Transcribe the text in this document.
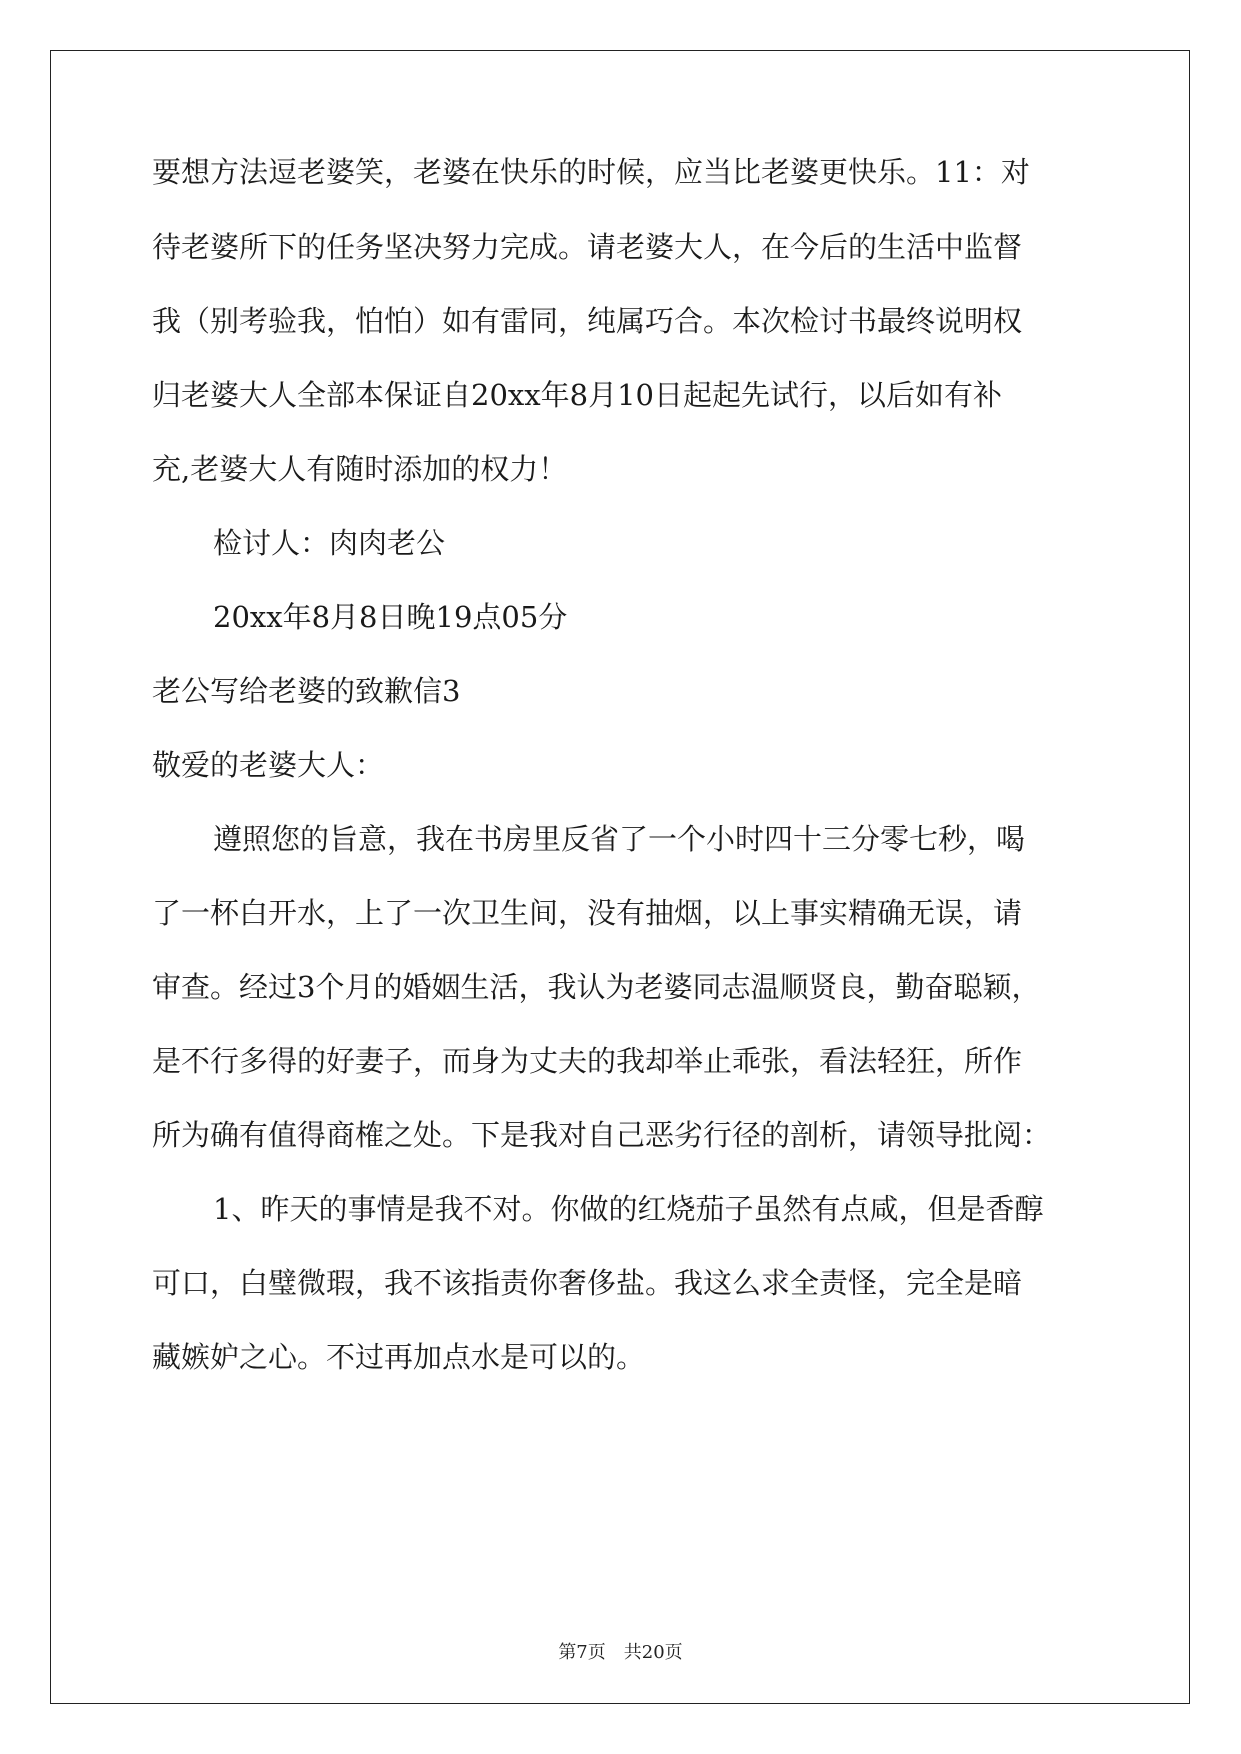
要想方法逗老婆笑，老婆在快乐的时候，应当比老婆更快乐。11：对
待老婆所下的任务坚决努力完成。请老婆大人，在今后的生活中监督
我（别考验我，怕怕）如有雷同，纯属巧合。本次检讨书最终说明权
归老婆大人全部本保证自20xx年8月10日起起先试行，以后如有补
充,老婆大人有随时添加的权力！
检讨人：肉肉老公
20xx年8月8日晚19点05分
老公写给老婆的致歉信3
敬爱的老婆大人：
遵照您的旨意，我在书房里反省了一个小时四十三分零七秒，喝
了一杯白开水，上了一次卫生间，没有抽烟，以上事实精确无误，请
审查。经过3个月的婚姻生活，我认为老婆同志温顺贤良，勤奋聪颖，
是不行多得的好妻子，而身为丈夫的我却举止乖张，看法轻狂，所作
所为确有值得商榷之处。下是我对自己恶劣行径的剖析，请领导批阅：
1、昨天的事情是我不对。你做的红烧茄子虽然有点咸，但是香醇
可口，白璧微瑕，我不该指责你奢侈盐。我这么求全责怪，完全是暗
藏嫉妒之心。不过再加点水是可以的。
第7页　共20页
